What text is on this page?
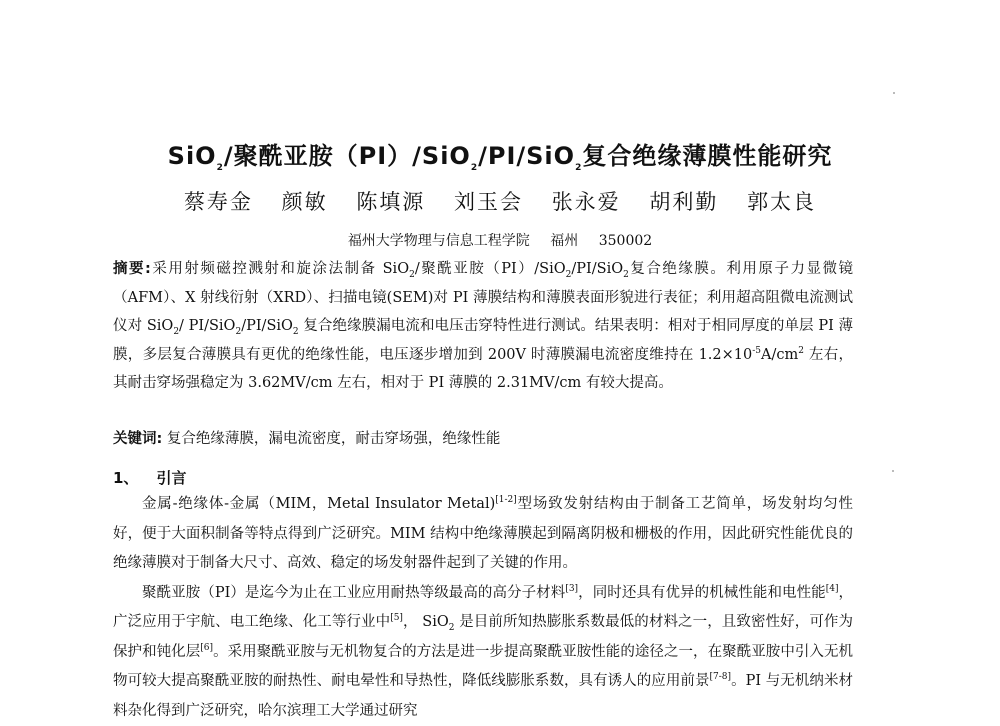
SiO$_2$/聚酰亚胺（PI）/SiO$_2$/PI/SiO$_2$复合绝缘薄膜性能研究
蔡寿金 颜敏 陈填源 刘玉会 张永爱 胡利勤 郭太良
福州大学物理与信息工程学院 福州 350002
摘要:采用射频磁控溅射和旋涂法制备 SiO$_2$/聚酰亚胺（PI）/SiO$_2$/PI/SiO$_2$复合绝缘膜。利用原子力显微镜（AFM）、X 射线衍射（XRD）、扫描电镜(SEM)对 PI 薄膜结构和薄膜表面形貌进行表征；利用超高阻微电流测试仪对 SiO$_2$/ PI/SiO$_2$/PI/SiO$_2$ 复合绝缘膜漏电流和电压击穿特性进行测试。结果表明：相对于相同厚度的单层 PI 薄膜，多层复合薄膜具有更优的绝缘性能，电压逐步增加到 200V 时薄膜漏电流密度维持在 $1.2\times 10^{-5}A/cm^2$ 左右，其耐击穿场强稳定为 3.62MV/cm 左右，相对于 PI 薄膜的 2.31MV/cm 有较大提高。
关键词: 复合绝缘薄膜，漏电流密度，耐击穿场强，绝缘性能
1、 引言

金属-绝缘体-金属（MIM，Metal Insulator Metal)[1-2]型场致发射结构由于制备工艺简单，场发射均匀性好，便于大面积制备等特点得到广泛研究。MIM 结构中绝缘薄膜起到隔离阴极和栅极的作用，因此研究性能优良的绝缘薄膜对于制备大尺寸、高效、稳定的场发射器件起到了关键的作用。

聚酰亚胺（PI）是迄今为止在工业应用耐热等级最高的高分子材料[3]，同时还具有优异的机械性能和电性能[4]，广泛应用于宇航、电工绝缘、化工等行业中[5]， SiO$_2$ 是目前所知热膨胀系数最低的材料之一，且致密性好，可作为保护和钝化层[6]。采用聚酰亚胺与无机物复合的方法是进一步提高聚酰亚胺性能的途径之一，在聚酰亚胺中引入无机物可较大提高聚酰亚胺的耐热性、耐电晕性和导热性，降低线膨胀系数，具有诱人的应用前景[7-8]。PI 与无机纳米材料杂化得到广泛研究，哈尔滨理工大学通过研究
